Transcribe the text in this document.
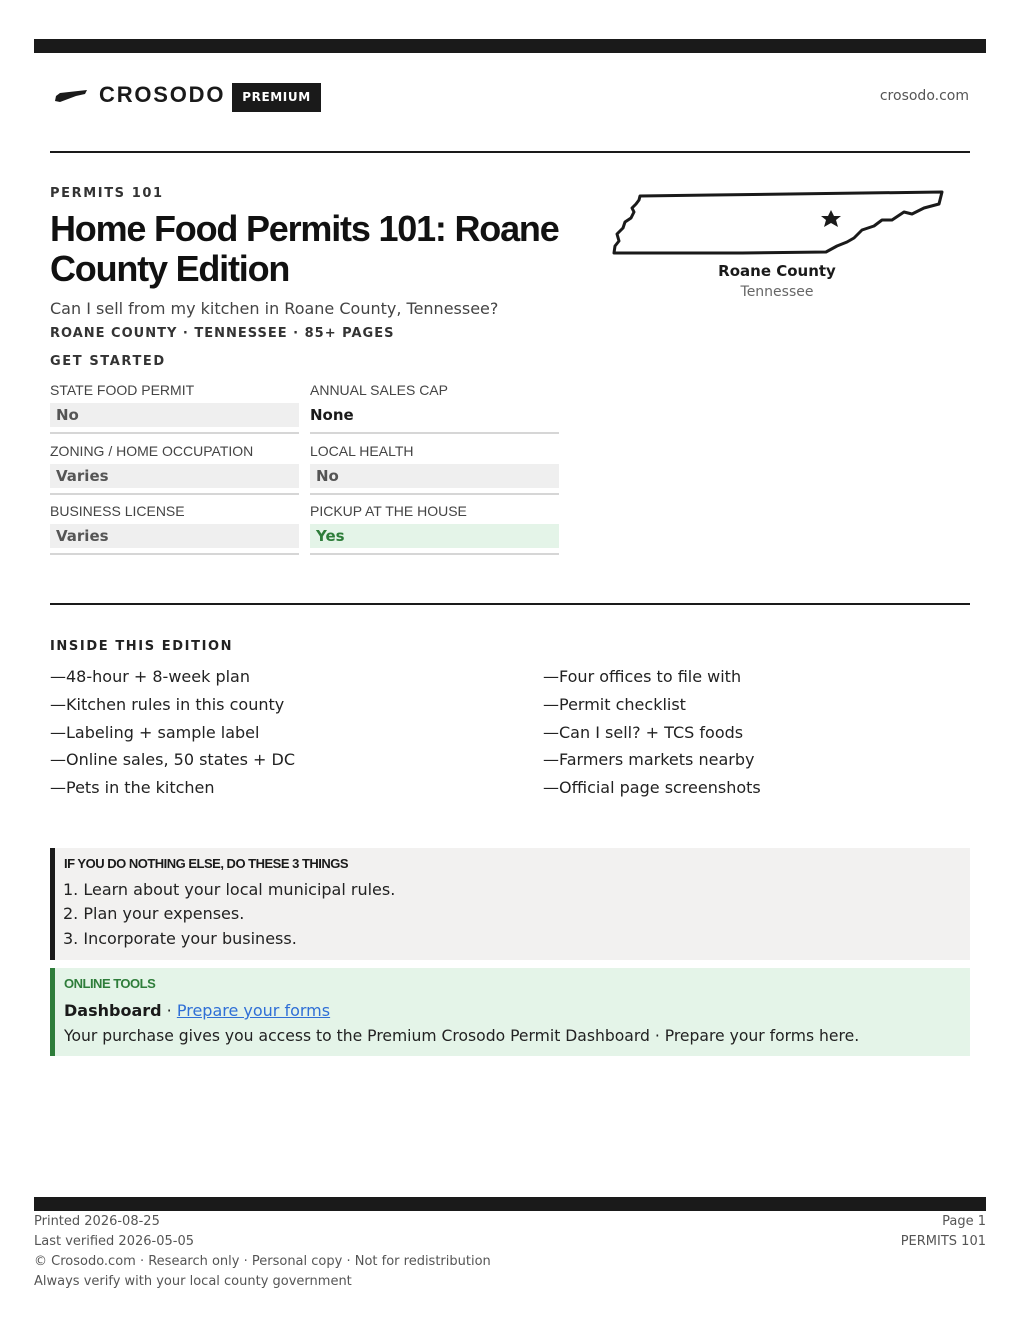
CROSODO	PREMIUM	crosodo.com
PERMITS 101
Home Food Permits 101: Roane County Edition
Can I sell from my kitchen in Roane County, Tennessee?
ROANE COUNTY · TENNESSEE · 85+ PAGES
GET STARTED
STATE FOOD PERMIT
No
ANNUAL SALES CAP
None
ZONING / HOME OCCUPATION
Varies
LOCAL HEALTH
No
BUSINESS LICENSE
Varies
PICKUP AT THE HOUSE
Yes
Roane County
Tennessee
INSIDE THIS EDITION
—48-hour + 8-week plan
—Kitchen rules in this county
—Labeling + sample label
—Online sales, 50 states + DC
—Pets in the kitchen
—Four offices to file with
—Permit checklist
—Can I sell? + TCS foods
—Farmers markets nearby
—Official page screenshots
IF YOU DO NOTHING ELSE, DO THESE 3 THINGS
1. Learn about your local municipal rules.
2. Plan your expenses.
3. Incorporate your business.
ONLINE TOOLS
Dashboard · Prepare your forms
Your purchase gives you access to the Premium Crosodo Permit Dashboard · Prepare your forms here.
Printed 2026-08-25
Last verified 2026-05-05
© Crosodo.com · Research only · Personal copy · Not for redistribution
Always verify with your local county government
Page 1
PERMITS 101
